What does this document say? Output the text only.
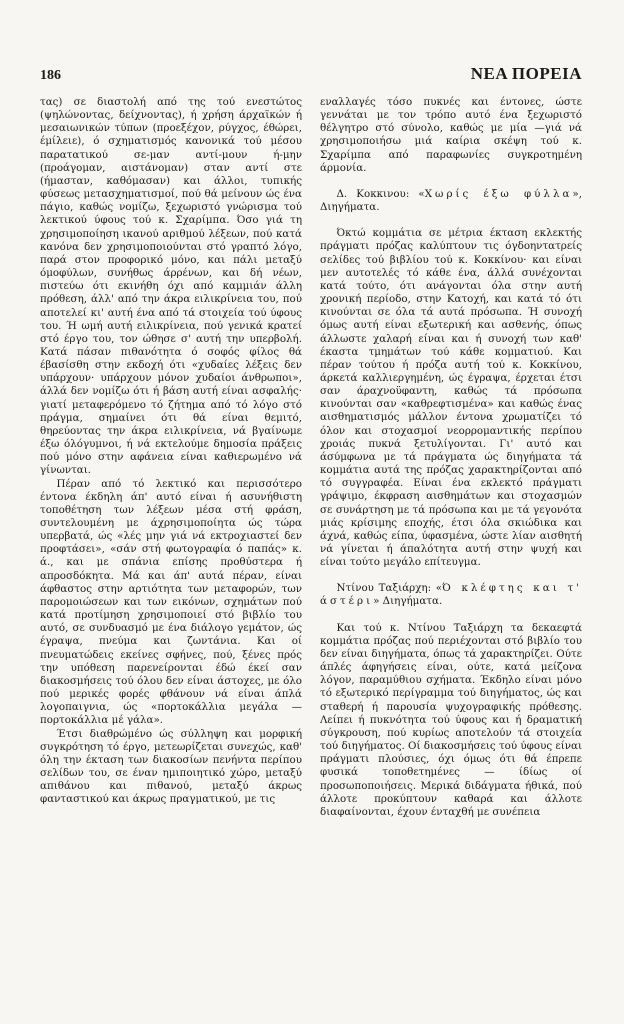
186	ΝΕΑ ΠΟΡΕΙΑ

τας) σε διαστολή από της τού ενεστώτος (ψηλώνοντας, δείχνοντας), ή χρήση άρχαϊκών ή μεσαιωνικών τύπων (προεξέχον, ρύγχος, έθώρει, έμίλειε), ό σχηματισμός κανονικά τού μέσου παρατατικού σε-μαν αντί-μουν ή-μην (προάγομαν, αιστάνομαν) σταν αντί στε (ήμασταν, καθόμασαν) και άλλοι, τυπικής φύσεως μετασχηματισμοί, πού θά μείνουν ώς ένα πάγιο, καθώς νομίζω, ξεχωριστό γνώρισμα τού λεκτικού ύφους τού κ. Σχαρίμπα. Όσο γιά τη χρησιμοποίηση ικανού αριθμού λέξεων, πού κατά κανόνα δεν χρησιμοποιούνται στό γραπτό λόγο, παρά στον προφορικό μόνο, και πάλι μεταξύ όμοφύλων, συνήθως άρρένων, και δή νέων, πιστεύω ότι εκινήθη όχι από καμμιάν άλλη πρόθεση, άλλ' από την άκρα ειλικρίνεια του, πού αποτελεί κι' αυτή ένα από τά στοιχεία τού ύφους του. Ή ωμή αυτή ειλικρίνεια, πού γενικά κρατεί στό έργο του, τον ώθησε σ' αυτή την υπερβολή. Κατά πάσαν πιθανότητα ό σοφός φίλος θά έβασίσθη στην εκδοχή ότι «χυδαίες λέξεις δεν υπάρχουν· υπάρχουν μόνον χυδαίοι άνθρωποι», άλλά δεν νομίζω ότι ή βάση αυτή είναι ασφαλής· γιατί μεταφερόμενο τό ζήτημα από τό λόγο στό πράγμα, σημαίνει ότι θά είναι θεμιτό, θηρεύοντας την άκρα ειλικρίνεια, νά βγαίνωμε έξω όλόγυμνοι, ή νά εκτελούμε δημοσία πράξεις πού μόνο στην αφάνεια είναι καθιερωμένο νά γίνωνται.

Πέραν από τό λεκτικό και περισσότερο έντονα έκδηλη άπ' αυτό είναι ή ασυνήθιστη τοποθέτηση των λέξεων μέσα στή φράση, συντελουμένη με άχρησιμοποίητα ώς τώρα υπερβατά, ώς «λές μην γιά νά εκτροχιαστεί δεν προφτάσει», «σάν στή φωτογραφία ό παπάς» κ. ά., και με σπάνια επίσης προθύστερα ή απροσδόκητα. Μά και άπ' αυτά πέραν, είναι άφθαστος στην αρτιότητα των μεταφορών, των παρομοιώσεων και των εικόνων, σχημάτων πού κατά προτίμηση χρησιμοποιεί στό βιβλίο του αυτό, σε συνδυασμό με ένα διάλογο γεμάτον, ώς έγραψα, πνεύμα και ζωντάνια. Και οί πνευματώδεις εκείνες σφήνες, πού, ξένες πρός την υπόθεση παρενείρονται έδώ έκεί σαν διακοσμήσεις τού όλου δεν είναι άστοχες, με όλο πού μερικές φορές φθάνουν νά είναι άπλά λογοπαιγνια, ώς «πορτοκάλλια μεγάλα — πορτοκάλλια μέ γάλα».

Έτσι διαθρώμένο ώς σύλληψη και μορφική συγκρότηση τό έργο, μετεωρίζεται συνεχώς, καθ' όλη την έκταση των διακοσίων πενήντα περίπου σελίδων του, σε έναν ημιποιητικό χώρο, μεταξύ απιθάνου και πιθανού, μεταξύ άκρως φανταστικού και άκρως πραγματικού, με τις

εναλλαγές τόσο πυκνές και έντονες, ώστε γεννάται με τον τρόπο αυτό ένα ξεχωριστό θέλγητρο στό σύνολο, καθώς με μία —γιά νά χρησιμοποιήσω μιά καίρια σκέψη τού κ. Σχαρίμπα από παραφωνίες συγκροτημένη άρμονία.

Δ. Κοκκινου: «Χωρίς έξω φύλλα», Διηγήματα.

Όκτώ κομμάτια σε μέτρια έκταση εκλεκτής πράγματι πρόζας καλύπτουν τις όγδοηντατρείς σελίδες τού βιβλίου τού κ. Κοκκίνου· και είναι μεν αυτοτελές τό κάθε ένα, άλλά συνέχονται κατά τούτο, ότι ανάγονται όλα στην αυτή χρονική περίοδο, στην Κατοχή, και κατά τό ότι κινούνται σε όλα τά αυτά πρόσωπα. Ή συνοχή όμως αυτή είναι εξωτερική και ασθενής, όπως άλλωστε χαλαρή είναι και ή συνοχή των καθ' έκαστα τμημάτων τού κάθε κομματιού. Και πέραν τούτου ή πρόζα αυτή τού κ. Κοκκίνου, άρκετά καλλιεργημένη, ώς έγραψα, έρχεται έτσι σαν άραχνοϋφαντη, καθώς τά πρόσωπα κινούνται σαν «καθρεφτισμένα» και καθώς ένας αισθηματισμός μάλλον έντονα χρωματίζει τό όλον και στοχασμοί νεορρομαντικής περίπου χροιάς πυκνά ξετυλίγονται. Γι' αυτό και άσύμφωνα με τά πράγματα ώς διηγήματα τά κομμάτια αυτά της πρόζας χαρακτηρίζονται από τό συγγραφέα. Είναι ένα εκλεκτό πράγματι γράψιμο, έκφραση αισθημάτων και στοχασμών σε συνάρτηση με τά πρόσωπα και με τά γεγονότα μιάς κρίσιμης εποχής, έτσι όλα σκιώδικα και άχνά, καθώς είπα, ύφασμένα, ώστε λίαν αισθητή νά γίνεται ή άπαλότητα αυτή στην ψυχή και είναι τούτο μεγάλο επίτευγμα.

Ντίνου Ταξιάρχη: «Ό κλέφτης και τ' άστέρι» Διηγήματα.

Και τού κ. Ντίνου Ταξιάρχη τα δεκαεφτά κομμάτια πρόζας πού περιέχονται στό βιβλίο του δεν είναι διηγήματα, όπως τά χαρακτηρίζει. Ούτε άπλές άφηγήσεις είναι, ούτε, κατά μείζονα λόγον, παραμύθιου σχήματα. Έκδηλο είναι μόνο τό εξωτερικό περίγραμμα τού διηγήματος, ώς και σταθερή ή παρουσία ψυχογραφικής πρόθεσης. Λείπει ή πυκνότητα τού ύφους και ή δραματική σύγκρουση, πού κυρίως αποτελούν τά στοιχεία τού διηγήματος. Οί διακοσμήσεις τού ύφους είναι πράγματι πλούσιες, όχι όμως ότι θά έπρεπε φυσικά τοποθετημένες — ίδίως οί προσωποποιήσεις. Μερικά διδάγματα ήθικά, πού άλλοτε προκύπτουν καθαρά και άλλοτε διαφαίνονται, έχουν ένταχθή με συνέπεια
